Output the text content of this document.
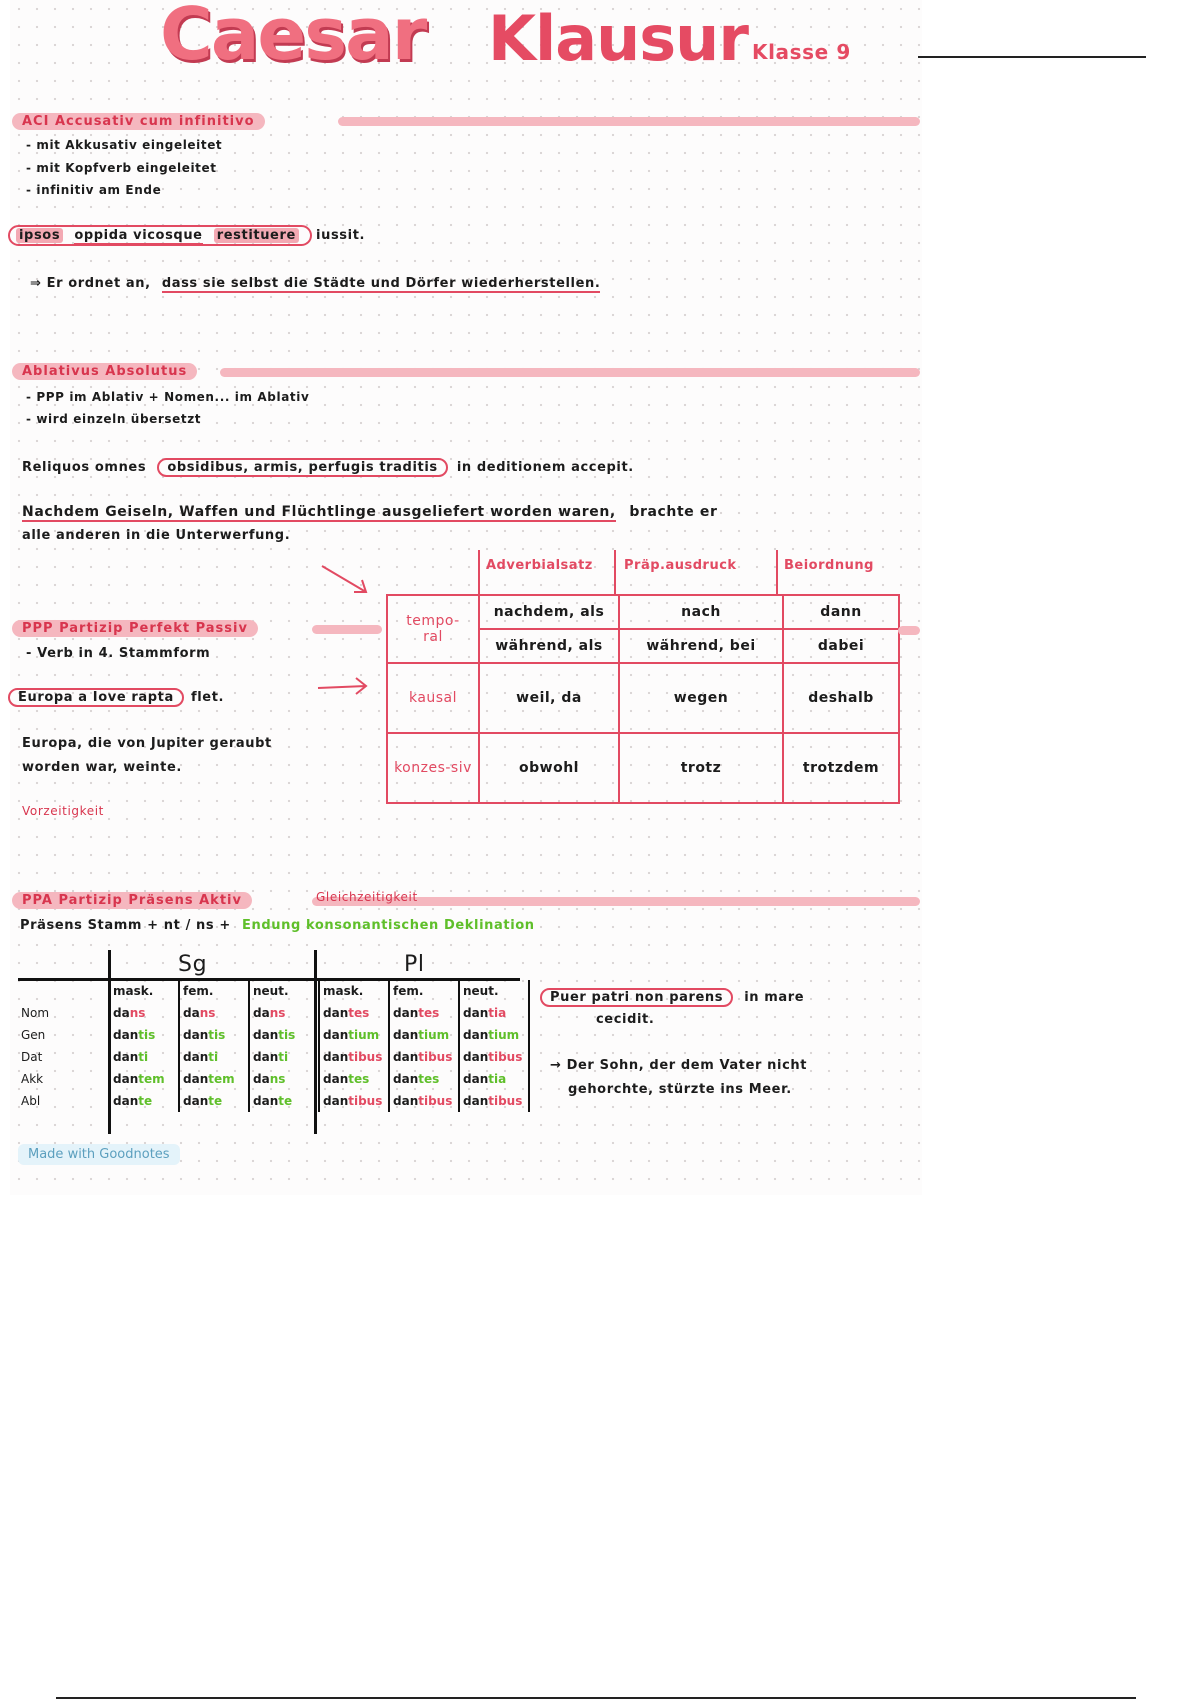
Caesar Klausur Klasse 9
ACI Accusativ cum infinitivo
- mit Akkusativ eingeleitet
- mit Kopfverb eingeleitet
- infinitiv am Ende
ipsos oppida vicosque restituere iussit.
⇒ Er ordnet an, dass sie selbst die Städte und Dörfer wiederherstellen.
Ablativus Absolutus
- PPP im Ablativ + Nomen... im Ablativ
- wird einzeln übersetzt
Reliquos omnes obsidibus, armis, perfugis traditis in deditionem accepit.
Nachdem Geiseln, Waffen und Flüchtlinge ausgeliefert worden waren, brachte er
alle anderen in die Unterwerfung.
Adverbialsatz Präp.ausdruck	Beiordnung
tempo-
ral	nachdem, als	nach	dann
	während, als	während, bei	dabei
kausal	weil, da	wegen	deshalb
konzes-siv	obwohl	trotz	trotzdem
PPP Partizip Perfekt Passiv
- Verb in 4. Stammform
Europa a Iove rapta flet.
Europa, die von Jupiter geraubt
worden war, weinte.
Vorzeitigkeit
PPA Partizip Präsens Aktiv	Gleichzeitigkeit
Präsens Stamm + nt / ns + Endung konsonantischen Deklination
Sg	Pl
	mask.	fem.	neut.	mask.	fem.	neut.
Nom	dans	dans	dans	dantes	dantes	dantia
Gen	dantis	dantis	dantis	dantium	dantium	dantium
Dat	danti	danti	danti	dantibus	dantibus	dantibus
Akk	dantem	dantem	dans	dantes	dantes	dantia
Abl	dante	dante	dante	dantibus	dantibus	dantibus
Puer patri non parens in mare
cecidit.
→ Der Sohn, der dem Vater nicht
gehorchte, stürzte ins Meer.
Made with Goodnotes
